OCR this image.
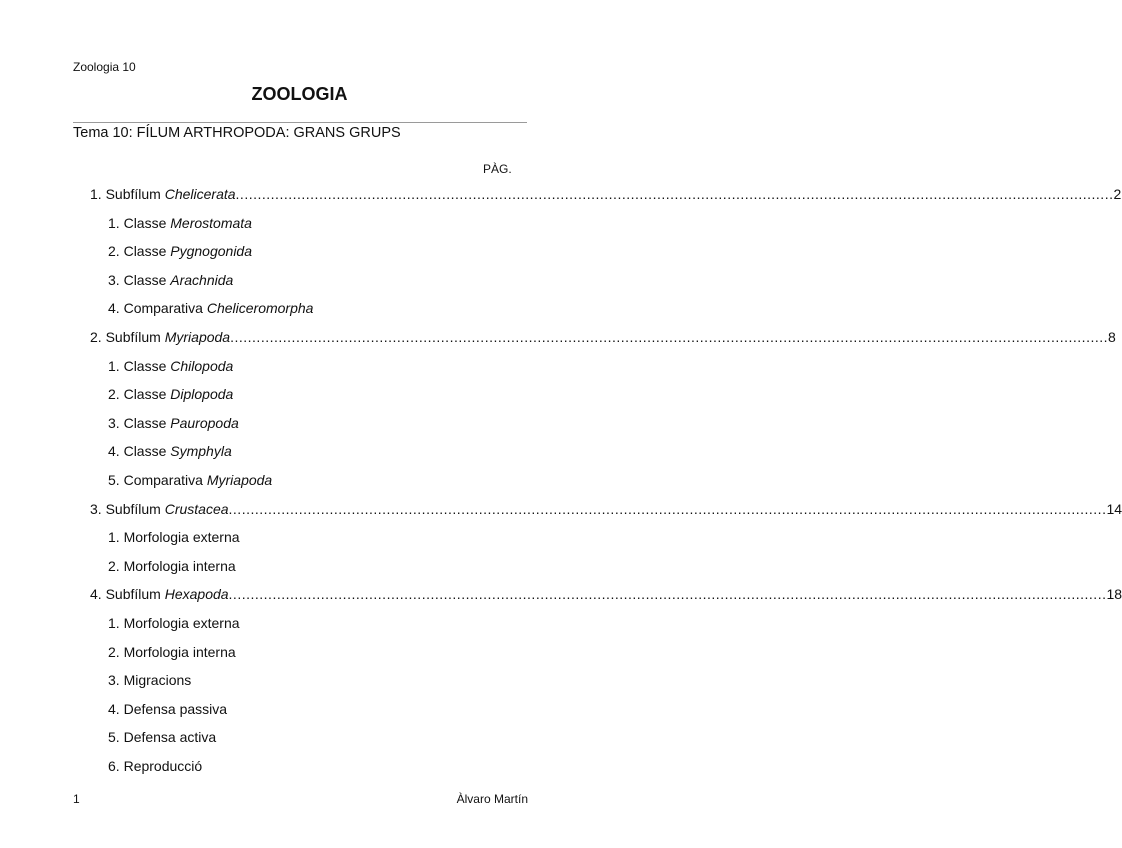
Zoologia 10
ZOOLOGIA
Tema 10: FÍLUM ARTHROPODA: GRANS GRUPS
PÀG.
1. Subfílum Chelicerata ........................................................................................................................................................................................................ 2
1. Classe Merostomata
2. Classe Pygnogonida
3. Classe Arachnida
4. Comparativa Cheliceromorpha
2. Subfílum Myriapoda ........................................................................................................................................................................................................ 8
1. Classe Chilopoda
2. Classe Diplopoda
3. Classe Pauropoda
4. Classe Symphyla
5. Comparativa Myriapoda
3. Subfílum Crustacea ........................................................................................................................................................................................................ 14
1. Morfologia externa
2. Morfologia interna
4. Subfílum Hexapoda ........................................................................................................................................................................................................ 18
1. Morfologia externa
2. Morfologia interna
3. Migracions
4. Defensa passiva
5. Defensa activa
6. Reproducció
1	Àlvaro Martín
